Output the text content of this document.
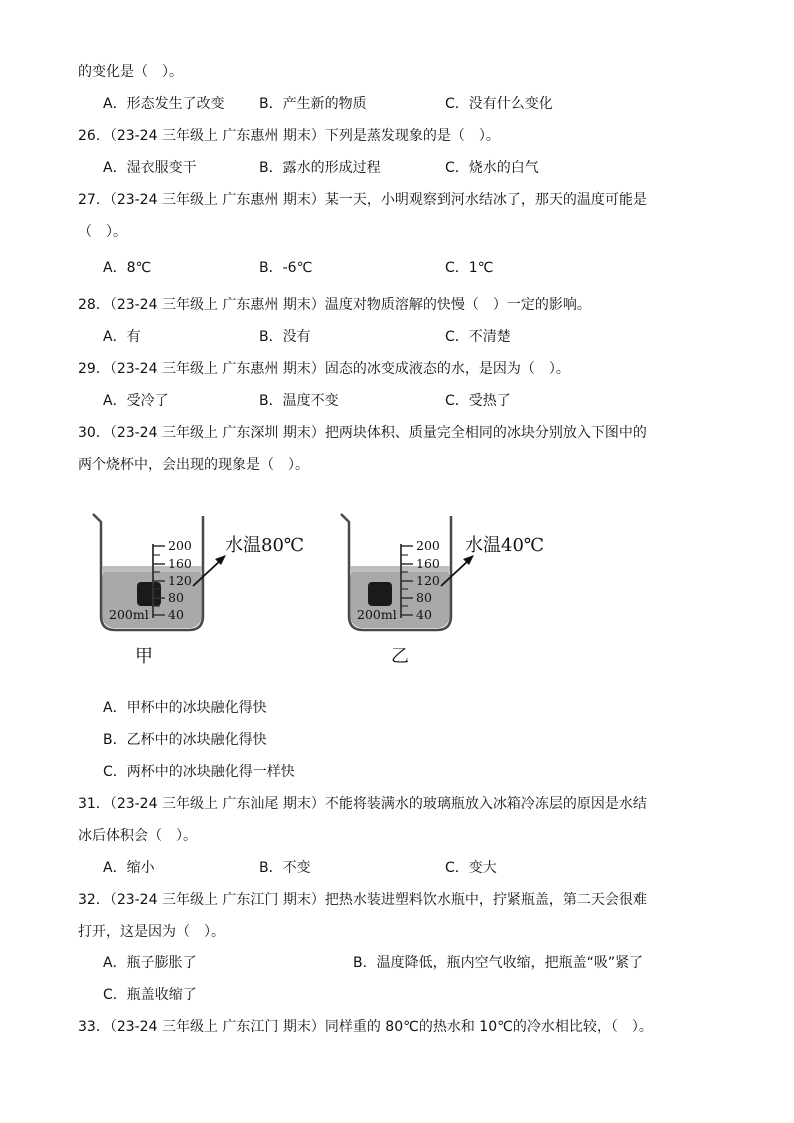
的变化是（　）。
A．形态发生了改变 B．产生新的物质	C．没有什么变化
26．（23-24 三年级上 广东惠州 期末）下列是蒸发现象的是（　）。
A．湿衣服变干	B．露水的形成过程	C．烧水的白气
27．（23-24 三年级上 广东惠州 期末）某一天，小明观察到河水结冰了，那天的温度可能是
（　）。
A．8℃	B．-6℃	C．1℃
28．（23-24 三年级上 广东惠州 期末）温度对物质溶解的快慢（　）一定的影响。
A．有	B．没有	C．不清楚
29．（23-24 三年级上 广东惠州 期末）固态的冰变成液态的水，是因为（　）。
A．受冷了	B．温度不变	C．受热了
30．（23-24 三年级上 广东深圳 期末）把两块体积、质量完全相同的冰块分别放入下图中的
两个烧杯中，会出现的现象是（　）。
200
160
120
80
40
200ml
水温80℃
甲
200
160
120
80
40
200ml
水温40℃
乙
A．甲杯中的冰块融化得快
B．乙杯中的冰块融化得快
C．两杯中的冰块融化得一样快
31．（23-24 三年级上 广东汕尾 期末）不能将装满水的玻璃瓶放入冰箱冷冻层的原因是水结
冰后体积会（　）。
A．缩小	B．不变	C．变大
32．（23-24 三年级上 广东江门 期末）把热水装进塑料饮水瓶中，拧紧瓶盖，第二天会很难
打开，这是因为（　）。
A．瓶子膨胀了	B．温度降低，瓶内空气收缩，把瓶盖“吸”紧了
C．瓶盖收缩了
33．（23-24 三年级上 广东江门 期末）同样重的 80℃的热水和 10℃的冷水相比较，（　）。
